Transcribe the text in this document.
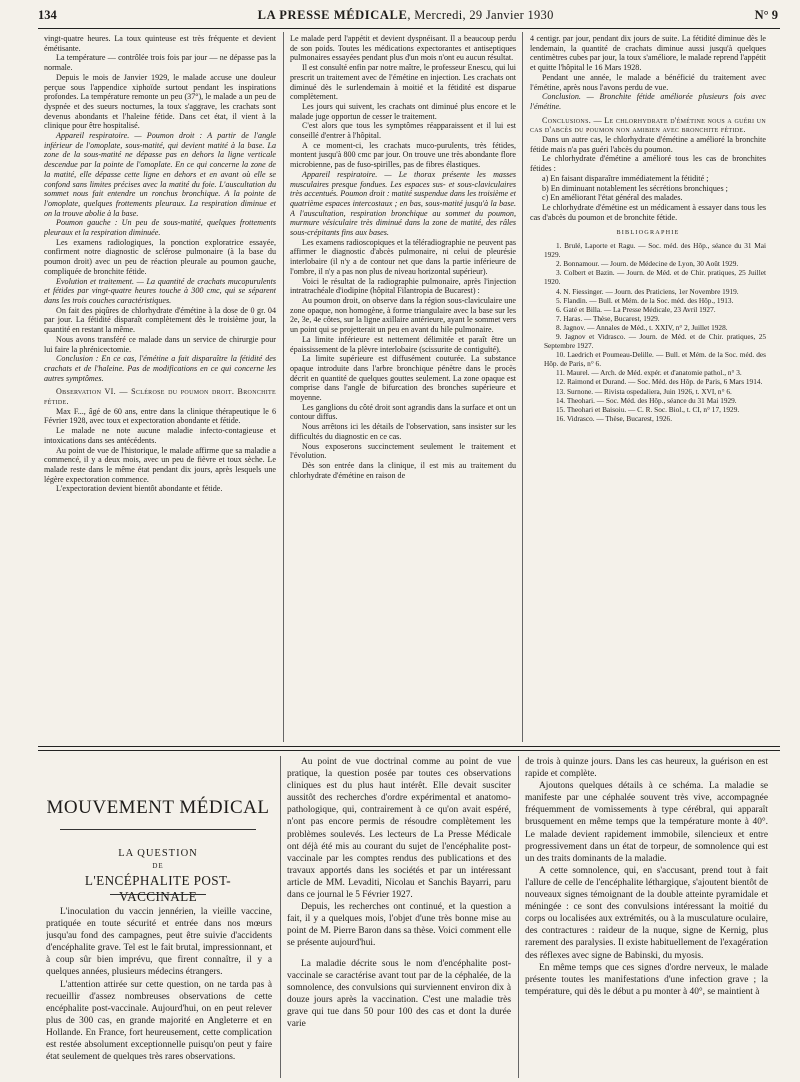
134	LA PRESSE MÉDICALE, Mercredi, 29 Janvier 1930	N° 9

vingt-quatre heures. La toux quinteuse est très fréquente et devient émétisante.

La température — contrôlée trois fois par jour — ne dépasse pas la normale.

Depuis le mois de Janvier 1929, le malade accuse une douleur perçue sous l'appendice xiphoïde surtout pendant les inspirations profondes. La température remonte un peu (37°), le malade a un peu de dyspnée et des sueurs nocturnes, la toux s'aggrave, les crachats sont devenus abondants et l'haleine fétide. Dans cet état, il vient à la clinique pour être hospitalisé.

Appareil respiratoire. — Poumon droit : A partir de l'angle inférieur de l'omoplate, sous-matité, qui devient matité à la base. La zone de la sous-matité ne dépasse pas en dehors la ligne verticale descendue par la pointe de l'omoplate. En ce qui concerne la zone de la matité, elle dépasse cette ligne en dehors et en avant où elle se confond sans limites précises avec la matité du foie. L'auscultation du sommet nous fait entendre un ronchus bronchique. A la pointe de l'omoplate, quelques frottements pleuraux. La respiration diminue et on la trouve abolie à la base.

Poumon gauche : Un peu de sous-matité, quelques frottements pleuraux et la respiration diminuée.

Les examens radiologiques, la ponction exploratrice essayée, confirment notre diagnostic de sclérose pulmonaire (à la base du poumon droit) avec un peu de réaction pleurale au poumon gauche, compliquée de bronchite fétide.

Evolution et traitement. — La quantité de crachats mucopurulents et fétides par vingt-quatre heures touche à 300 cmc, qui se séparent dans les trois couches caractéristiques.

On fait des piqûres de chlorhydrate d'émétine à la dose de 0 gr. 04 par jour. La fétidité disparaît complètement dès le troisième jour, la quantité en restant la même.

Nous avons transféré ce malade dans un service de chirurgie pour lui faire la phrénicectomie.

Conclusion : En ce cas, l'émétine a fait disparaître la fétidité des crachats et de l'haleine. Pas de modifications en ce qui concerne les autres symptômes.

Observation VI. — Sclérose du poumon droit. Bronchite fétide.

Max F..., âgé de 60 ans, entre dans la clinique thérapeutique le 6 Février 1928, avec toux et expectoration abondante et fétide.

Le malade ne note aucune maladie infecto-contagieuse et intoxications dans ses antécédents.

Au point de vue de l'historique, le malade affirme que sa maladie a commencé, il y a deux mois, avec un peu de fièvre et toux sèche. Le malade reste dans le même état pendant dix jours, après lesquels une légère expectoration commence.

L'expectoration devient bientôt abondante et fétide.

Le malade perd l'appétit et devient dyspnéisant. Il a beaucoup perdu de son poids. Toutes les médications expectorantes et antiseptiques pulmonaires essayées pendant plus d'un mois n'ont eu aucun résultat.

Il est consulté enfin par notre maître, le professeur Enescu, qui lui prescrit un traitement avec de l'émétine en injection. Les crachats ont diminué dès le surlendemain à moitié et la fétidité est disparue complètement.

Les jours qui suivent, les crachats ont diminué plus encore et le malade juge opportun de cesser le traitement.

C'est alors que tous les symptômes réapparaissent et il lui est conseillé d'entrer à l'hôpital.

A ce moment-ci, les crachats muco-purulents, très fétides, montent jusqu'à 800 cmc par jour. On trouve une très abondante flore microbienne, pas de fuso-spirilles, pas de fibres élastiques.

Appareil respiratoire. — Le thorax présente les masses musculaires presque fondues. Les espaces sus- et sous-claviculaires très accentués. Poumon droit : matité suspendue dans les troisième et quatrième espaces intercostaux ; en bas, sous-matité jusqu'à la base. A l'auscultation, respiration bronchique au sommet du poumon, murmure vésiculaire très diminué dans la zone de matité, des râles sous-crépitants fins aux bases.

Les examens radioscopiques et la téléradiographie ne peuvent pas affirmer le diagnostic d'abcès pulmonaire, ni celui de pleurésie interlobaire (il n'y a de contour net que dans la partie inférieure de l'ombre, il n'y a pas non plus de niveau horizontal supérieur).

Voici le résultat de la radiographie pulmonaire, après l'injection intratrachéale d'iodipine (hôpital Filantropia de Bucarest) :

Au poumon droit, on observe dans la région sous-claviculaire une zone opaque, non homogène, à forme triangulaire avec la base sur les 2e, 3e, 4e côtes, sur la ligne axillaire antérieure, ayant le sommet vers un point qui se projetterait un peu en avant du hile pulmonaire.

La limite inférieure est nettement délimitée et paraît être un épaississement de la plèvre interlobaire (scissurite de contiguïté).

La limite supérieure est diffusément couturée. La substance opaque introduite dans l'arbre bronchique pénètre dans le procès décrit en quantité de quelques gouttes seulement. La zone opaque est comprise dans l'angle de bifurcation des bronches supérieure et moyenne.

Les ganglions du côté droit sont agrandis dans la surface et ont un contour diffus.

Nous arrêtons ici les détails de l'observation, sans insister sur les difficultés du diagnostic en ce cas.

Nous exposerons succinctement seulement le traitement et l'évolution.

Dès son entrée dans la clinique, il est mis au traitement du chlorhydrate d'émétine en raison de

4 centigr. par jour, pendant dix jours de suite. La fétidité diminue dès le lendemain, la quantité de crachats diminue aussi jusqu'à quelques centimètres cubes par jour, la toux s'améliore, le malade reprend l'appétit et quitte l'hôpital le 16 Mars 1928.

Pendant une année, le malade a bénéficié du traitement avec l'émétine, après nous l'avons perdu de vue.

Conclusion. — Bronchite fétide améliorée plusieurs fois avec l'émétine.

Conclusions. — Le chlorhydrate d'émétine nous a guéri un cas d'abcès du poumon non amibien avec bronchite fétide.

Dans un autre cas, le chlorhydrate d'émétine a amélioré la bronchite fétide mais n'a pas guéri l'abcès du poumon.

Le chlorhydrate d'émétine a amélioré tous les cas de bronchites fétides :

a) En faisant disparaître immédiatement la fétidité ;

b) En diminuant notablement les sécrétions bronchiques ;

c) En améliorant l'état général des malades.

Le chlorhydrate d'émétine est un médicament à essayer dans tous les cas d'abcès du poumon et de bronchite fétide.

BIBLIOGRAPHIE

1. Brulé, Laporte et Ragu. — Soc. méd. des Hôp., séance du 31 Mai 1929.

2. Bonnamour. — Journ. de Médecine de Lyon, 30 Août 1929.

3. Colbert et Bazin. — Journ. de Méd. et de Chir. pratiques, 25 Juillet 1920.

4. N. Fiessinger. — Journ. des Praticiens, 1er Novembre 1919.

5. Flandin. — Bull. et Mém. de la Soc. méd. des Hôp., 1913.

6. Gaté et Billa. — La Presse Médicale, 23 Avril 1927.

7. Haras. — Thèse, Bucarest, 1929.

8. Jagnov. — Annales de Méd., t. XXIV, n° 2, Juillet 1928.

9. Jagnov et Vidrasco. — Journ. de Méd. et de Chir. pratiques, 25 Septembre 1927.

10. Laedrich et Poumeau-Delille. — Bull. et Mém. de la Soc. méd. des Hôp. de Paris, n° 6.

11. Maurel. — Arch. de Méd. expér. et d'anatomie pathol., n° 3.

12. Raimond et Durand. — Soc. Méd. des Hôp. de Paris, 6 Mars 1914.

13. Surnone. — Rivista ospedaliera, Juin 1926, t. XVI, n° 6.

14. Theohari. — Soc. Méd. des Hôp., séance du 31 Mai 1929.

15. Theohari et Baisoiu. — C. R. Soc. Biol., t. CI, n° 17, 1929.

16. Vidrasco. — Thèse, Bucarest, 1926.

MOUVEMENT MÉDICAL
LA QUESTION
DE
L'ENCÉPHALITE POST-VACCINALE

L'inoculation du vaccin jennérien, la vieille vaccine, pratiquée en toute sécurité et entrée dans nos mœurs jusqu'au fond des campagnes, peut être suivie d'accidents d'encéphalite grave. Tel est le fait brutal, impressionnant, et à coup sûr bien imprévu, que firent connaître, il y a quelques années, plusieurs médecins étrangers.

L'attention attirée sur cette question, on ne tarda pas à recueillir d'assez nombreuses observations de cette encéphalite post-vaccinale. Aujourd'hui, on en peut relever plus de 300 cas, en grande majorité en Angleterre et en Hollande. En France, fort heureusement, cette complication est restée absolument exceptionnelle puisqu'on peut y faire état seulement de quelques très rares observations.

Au point de vue doctrinal comme au point de vue pratique, la question posée par toutes ces observations cliniques est du plus haut intérêt. Elle devait susciter aussitôt des recherches d'ordre expérimental et anatomo-pathologique, qui, contrairement à ce qu'on avait espéré, n'ont pas encore permis de résoudre complètement les problèmes soulevés. Les lecteurs de La Presse Médicale ont déjà été mis au courant du sujet de l'encéphalite post-vaccinale par les comptes rendus des publications et des travaux apportés dans les sociétés et par un intéressant article de MM. Levaditi, Nicolau et Sanchis Bayarri, paru dans ce journal le 5 Février 1927.

Depuis, les recherches ont continué, et la question a fait, il y a quelques mois, l'objet d'une très bonne mise au point de M. Pierre Baron dans sa thèse. Voici comment elle se présente aujourd'hui.

La maladie décrite sous le nom d'encéphalite post-vaccinale se caractérise avant tout par de la céphalée, de la somnolence, des convulsions qui surviennent environ dix à douze jours après la vaccination. C'est une maladie très grave qui tue dans 50 pour 100 des cas et dont la durée varie

de trois à quinze jours. Dans les cas heureux, la guérison en est rapide et complète.

Ajoutons quelques détails à ce schéma. La maladie se manifeste par une céphalée souvent très vive, accompagnée fréquemment de vomissements à type cérébral, qui apparaît brusquement en même temps que la température monte à 40°. Le malade devient rapidement immobile, silencieux et entre progressivement dans un état de torpeur, de somnolence qui est un des traits dominants de la maladie.

A cette somnolence, qui, en s'accusant, prend tout à fait l'allure de celle de l'encéphalite léthargique, s'ajoutent bientôt de nouveaux signes témoignant de la double atteinte pyramidale et méningée : ce sont des convulsions intéressant la moitié du corps ou localisées aux extrémités, ou à la musculature oculaire, des contractures : raideur de la nuque, signe de Kernig, plus rarement des paralysies. Il existe habituellement de l'exagération des réflexes avec signe de Babinski, du myosis.

En même temps que ces signes d'ordre nerveux, le malade présente toutes les manifestations d'une infection grave ; la température, qui dès le début a pu monter à 40°, se maintient à
